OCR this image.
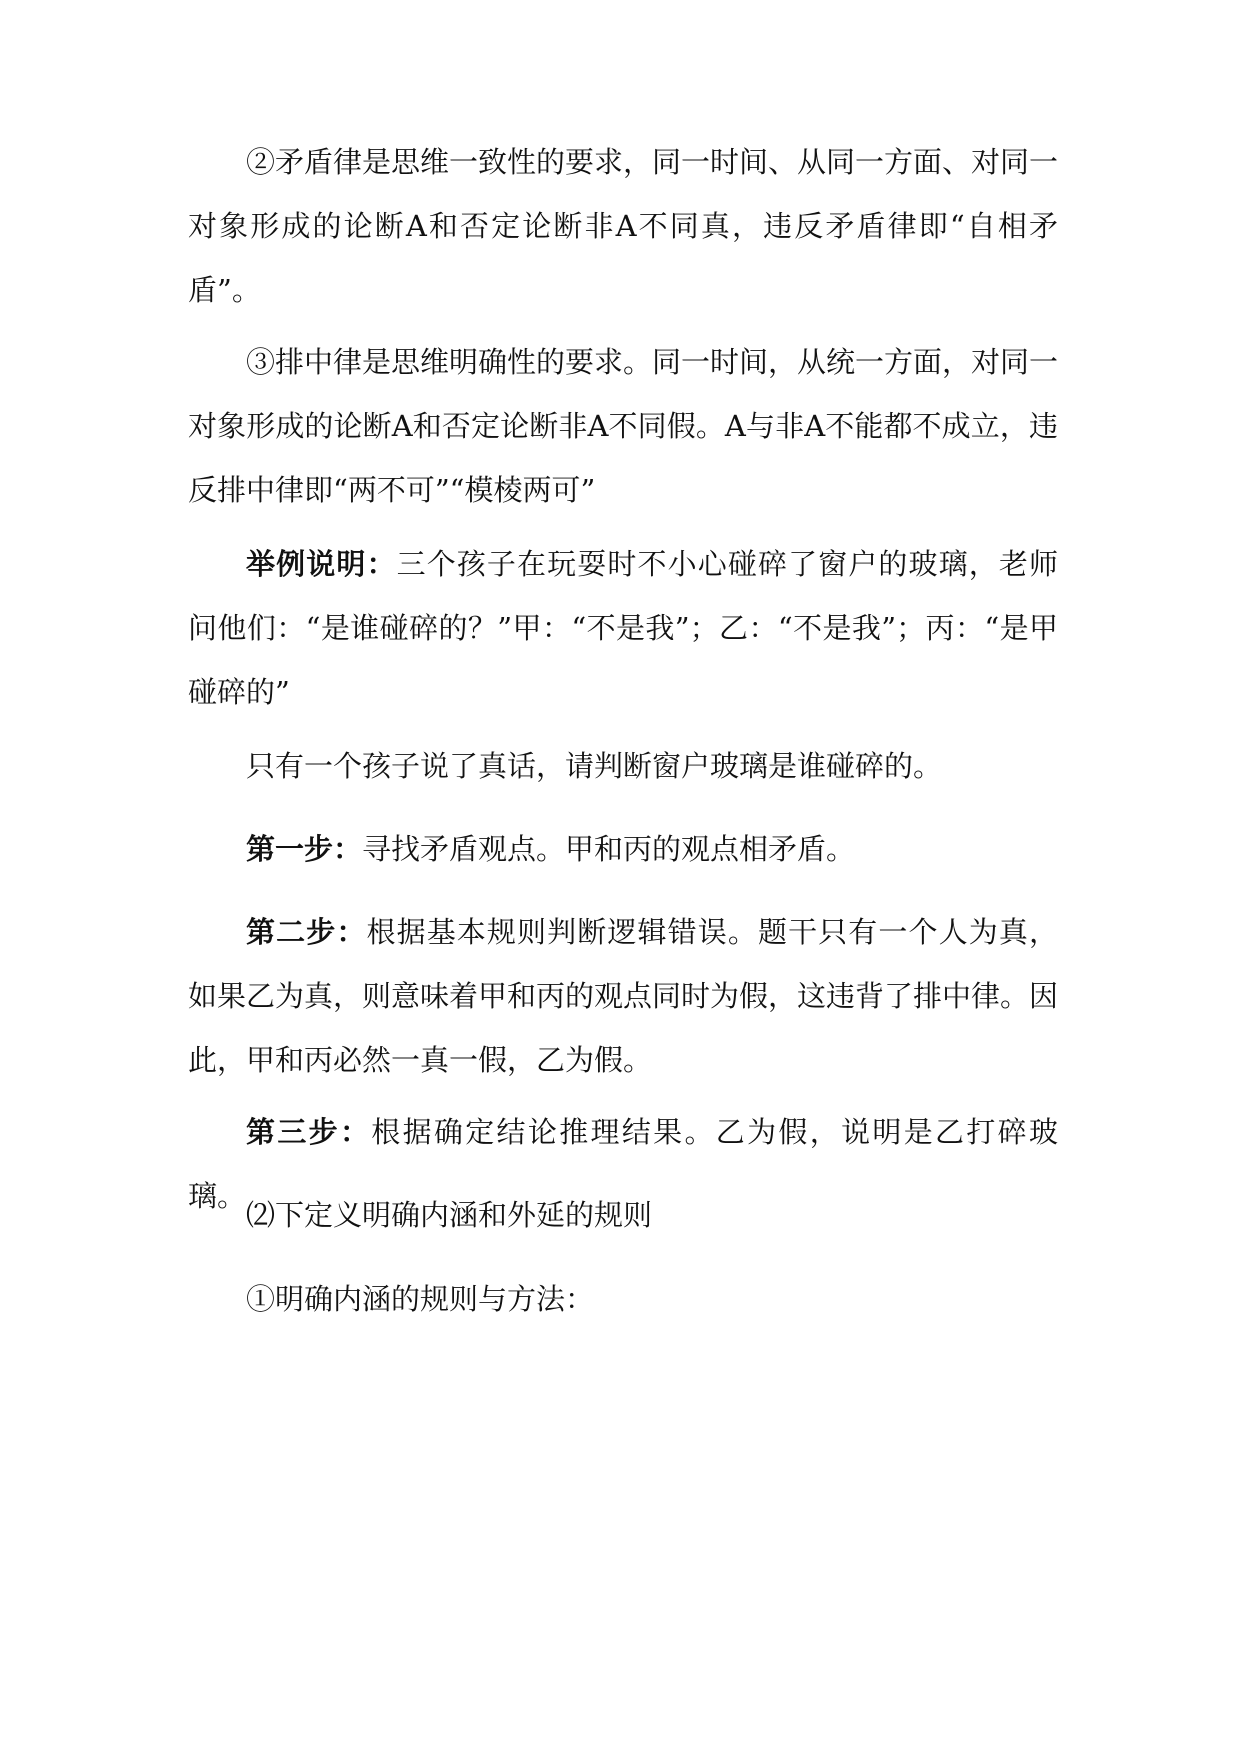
②矛盾律是思维一致性的要求，同一时间、从同一方面、对同一对象形成的论断A和否定论断非A不同真，违反矛盾律即“自相矛盾”。

③排中律是思维明确性的要求。同一时间，从统一方面，对同一对象形成的论断A和否定论断非A不同假。A与非A不能都不成立，违反排中律即“两不可”“模棱两可”

举例说明：三个孩子在玩耍时不小心碰碎了窗户的玻璃，老师问他们：“是谁碰碎的？”甲：“不是我”；乙：“不是我”；丙：“是甲碰碎的”

只有一个孩子说了真话，请判断窗户玻璃是谁碰碎的。

第一步：寻找矛盾观点。甲和丙的观点相矛盾。

第二步：根据基本规则判断逻辑错误。题干只有一个人为真，如果乙为真，则意味着甲和丙的观点同时为假，这违背了排中律。因此，甲和丙必然一真一假，乙为假。

第三步：根据确定结论推理结果。乙为假，说明是乙打碎玻璃。

⑵下定义明确内涵和外延的规则

①明确内涵的规则与方法：
